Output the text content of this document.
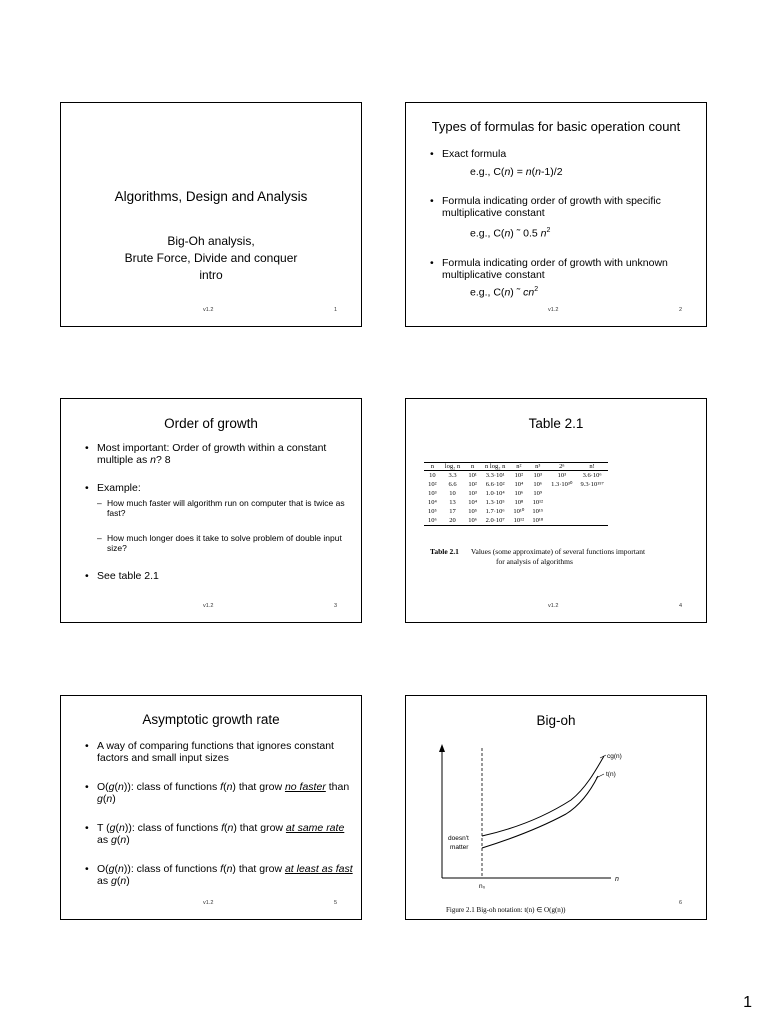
Algorithms, Design and Analysis
Big-Oh analysis,
Brute Force, Divide and conquer
intro
v1.2	1
Types of formulas for basic operation count
• Exact formula
e.g., C(n) = n(n-1)/2
• Formula indicating order of growth with specific multiplicative constant
e.g., C(n) ˜ 0.5 $n^2$
• Formula indicating order of growth with unknown multiplicative constant
e.g., C(n) ˜ $cn^2$
v1.2	2
Order of growth
• Most important: Order of growth within a constant multiple as n? 8
• Example:
– How much faster will algorithm run on computer that is twice as fast?
– How much longer does it take to solve problem of double input size?
• See table 2.1
v1.2	3
Table 2.1
n	log₂ n	n	n log₂ n	n²	n³	2ⁿ	n!
10	3.3	10¹	3.3·10¹	10²	10³	10³	3.6·10⁶
10²	6.6	10²	6.6·10²	10⁴	10⁶	1.3·10³⁰	9.3·10¹⁵⁷
10³	10	10³	1.0·10⁴	10⁶	10⁹		
10⁴	13	10⁴	1.3·10⁵	10⁸	10¹²		
10⁵	17	10⁵	1.7·10⁶	10¹⁰	10¹⁵		
10⁶	20	10⁶	2.0·10⁷	10¹²	10¹⁸		
Table 2.1 Values (some approximate) of several functions important
for analysis of algorithms
v1.2	4
Asymptotic growth rate
• A way of comparing functions that ignores constant factors and small input sizes
• O(g(n)): class of functions f(n) that grow no faster than g(n)
• T (g(n)): class of functions f(n) that grow at same rate as g(n)
• O(g(n)): class of functions f(n) that grow at least as fast as g(n)
v1.2	5
Big-oh
cg(n)
t(n)
doesn't
matter
n₀
n
Figure 2.1 Big-oh notation: t(n) ∈ O(g(n))
6
1
